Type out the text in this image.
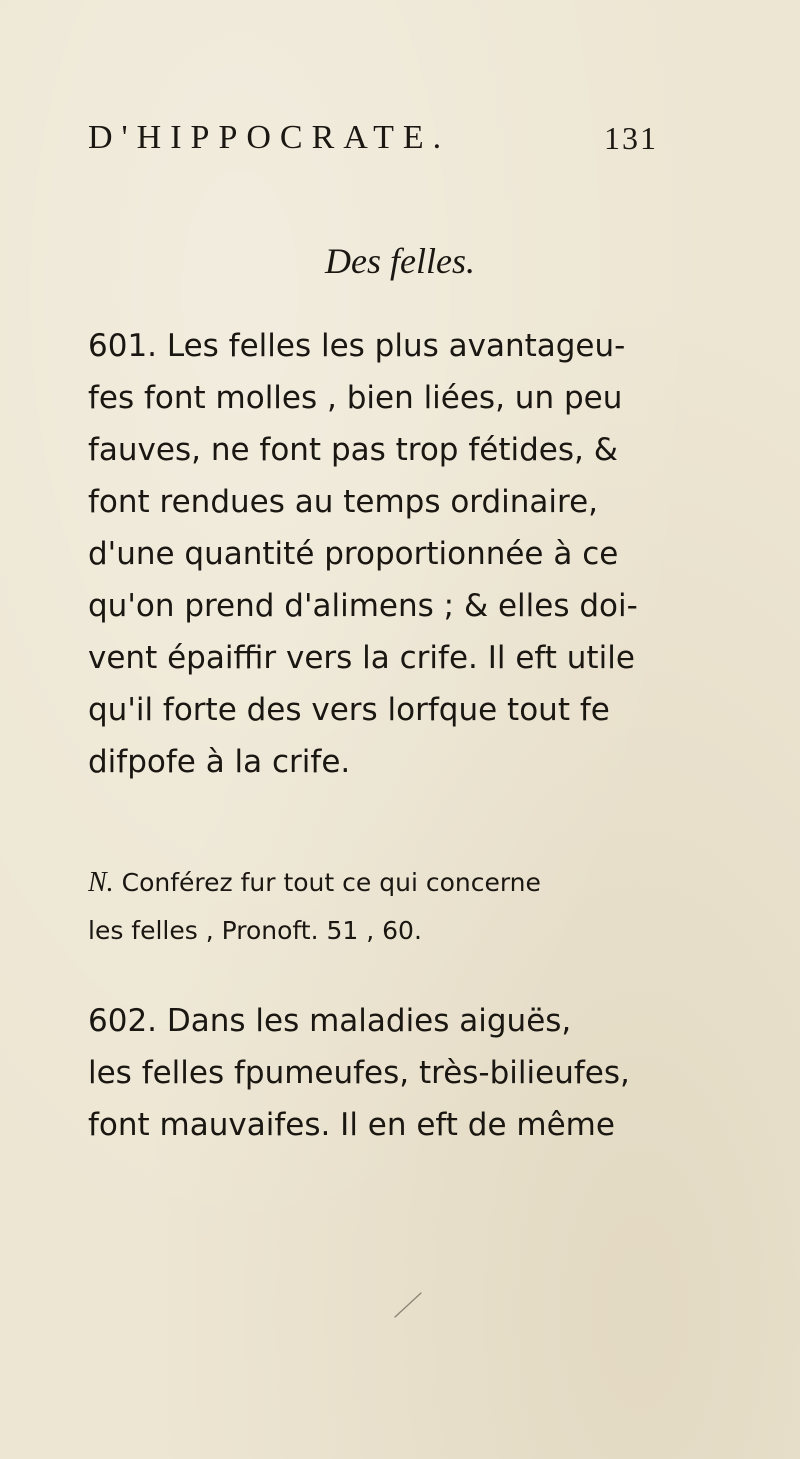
D'HIPPOCRATE.	131
Des felles.
601. Les felles les plus avantageu-
fes font molles , bien liées, un peu
fauves, ne font pas trop fétides, &
font rendues au temps ordinaire,
d'une quantité proportionnée à ce
qu'on prend d'alimens ; & elles doi-
vent épaiffir vers la crife. Il eft utile
qu'il forte des vers lorfque tout fe
difpofe à la crife.
N. Conférez fur tout ce qui concerne
les felles , Pronoft. 51 , 60.
602. Dans les maladies aiguës,
les felles fpumeufes, très-bilieufes,
font mauvaifes. Il en eft de même
